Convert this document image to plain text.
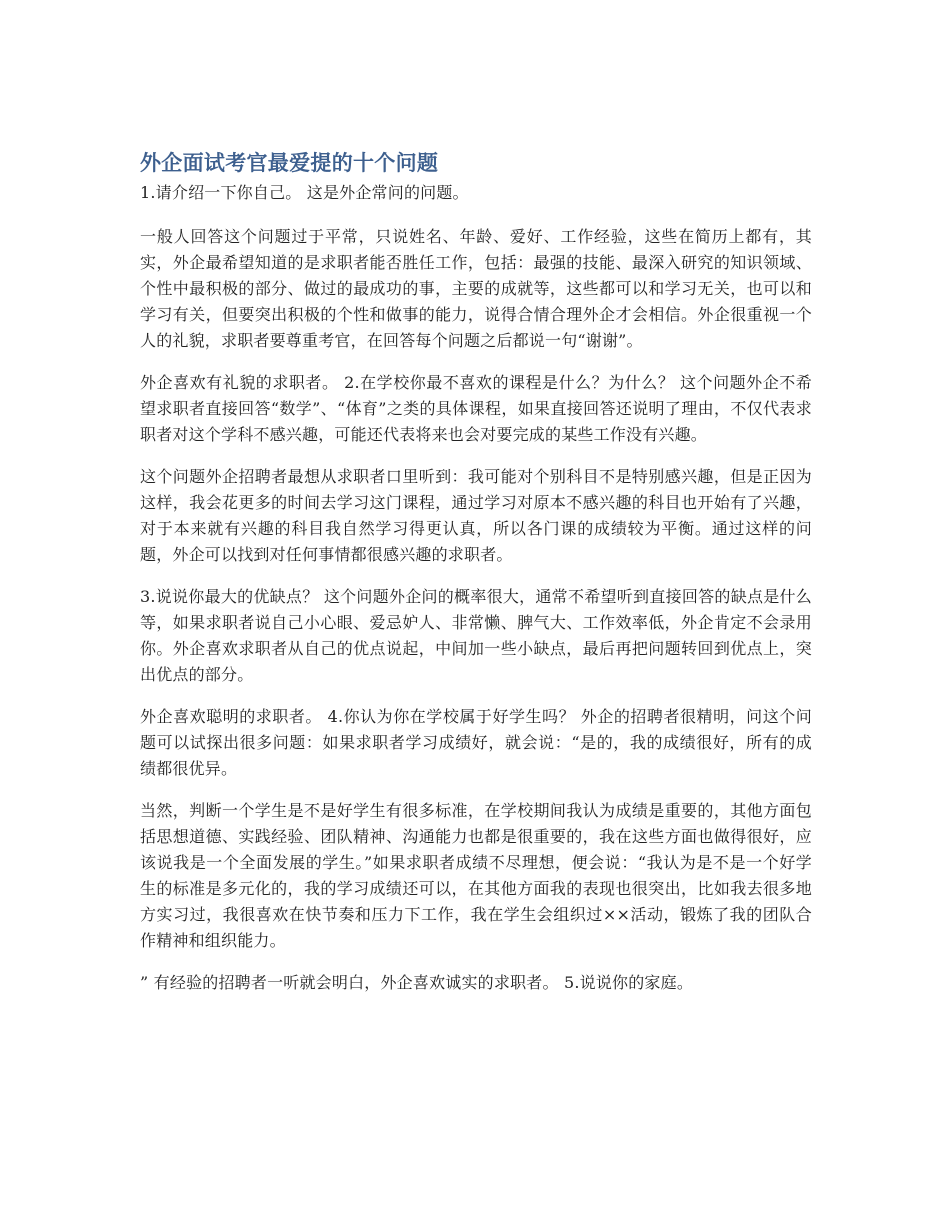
外企面试考官最爱提的十个问题

1.请介绍一下你自己。 这是外企常问的问题。

一般人回答这个问题过于平常，只说姓名、年龄、爱好、工作经验，这些在简历上都有，其实，外企最希望知道的是求职者能否胜任工作，包括：最强的技能、最深入研究的知识领域、个性中最积极的部分、做过的最成功的事，主要的成就等，这些都可以和学习无关，也可以和学习有关，但要突出积极的个性和做事的能力，说得合情合理外企才会相信。外企很重视一个人的礼貌，求职者要尊重考官，在回答每个问题之后都说一句“谢谢”。

外企喜欢有礼貌的求职者。 2.在学校你最不喜欢的课程是什么？为什么？ 这个问题外企不希望求职者直接回答“数学”、“体育”之类的具体课程，如果直接回答还说明了理由，不仅代表求职者对这个学科不感兴趣，可能还代表将来也会对要完成的某些工作没有兴趣。

这个问题外企招聘者最想从求职者口里听到：我可能对个别科目不是特别感兴趣，但是正因为这样，我会花更多的时间去学习这门课程，通过学习对原本不感兴趣的科目也开始有了兴趣，对于本来就有兴趣的科目我自然学习得更认真，所以各门课的成绩较为平衡。通过这样的问题，外企可以找到对任何事情都很感兴趣的求职者。

3.说说你最大的优缺点？ 这个问题外企问的概率很大，通常不希望听到直接回答的缺点是什么等，如果求职者说自己小心眼、爱忌妒人、非常懒、脾气大、工作效率低，外企肯定不会录用你。外企喜欢求职者从自己的优点说起，中间加一些小缺点，最后再把问题转回到优点上，突出优点的部分。

外企喜欢聪明的求职者。 4.你认为你在学校属于好学生吗？ 外企的招聘者很精明，问这个问题可以试探出很多问题：如果求职者学习成绩好，就会说：“是的，我的成绩很好，所有的成绩都很优异。

当然，判断一个学生是不是好学生有很多标准，在学校期间我认为成绩是重要的，其他方面包括思想道德、实践经验、团队精神、沟通能力也都是很重要的，我在这些方面也做得很好，应该说我是一个全面发展的学生。”如果求职者成绩不尽理想，便会说：“我认为是不是一个好学生的标准是多元化的，我的学习成绩还可以，在其他方面我的表现也很突出，比如我去很多地方实习过，我很喜欢在快节奏和压力下工作，我在学生会组织过××活动，锻炼了我的团队合作精神和组织能力。

” 有经验的招聘者一听就会明白，外企喜欢诚实的求职者。 5.说说你的家庭。
